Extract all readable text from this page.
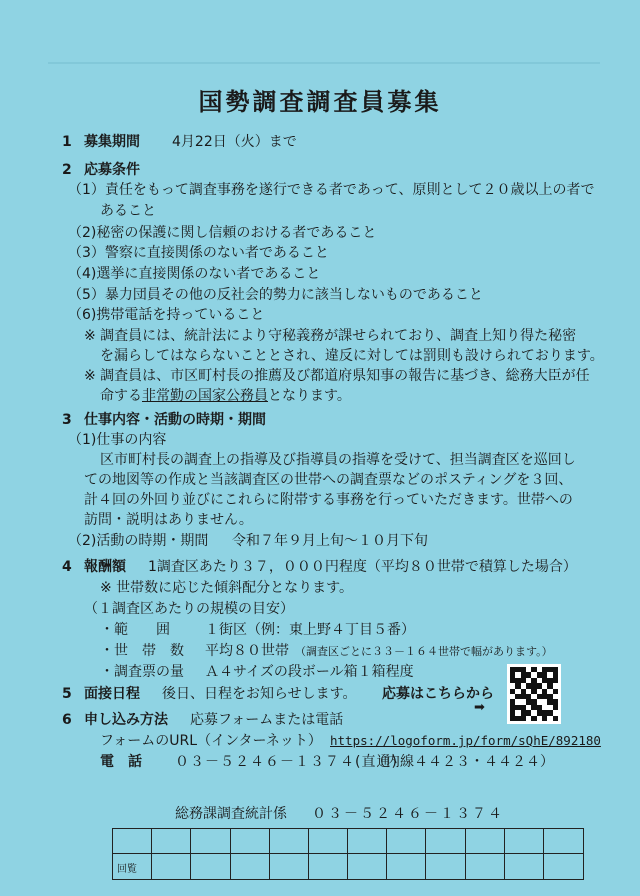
国勢調査調査員募集
1 募集期間 4月22日（火）まで
2 応募条件
（1）責任をもって調査事務を遂行できる者であって、原則として２０歳以上の者で
あること
（2)秘密の保護に関し信頼のおける者であること
（3）警察に直接関係のない者であること
（4)選挙に直接関係のない者であること
（5）暴力団員その他の反社会的勢力に該当しないものであること
（6)携帯電話を持っていること
※ 調査員には、統計法により守秘義務が課せられており、調査上知り得た秘密
を漏らしてはならないこととされ、違反に対しては罰則も設けられております。
※ 調査員は、市区町村長の推薦及び都道府県知事の報告に基づき、総務大臣が任
命する非常勤の国家公務員となります。
3 仕事内容・活動の時期・期間
（1)仕事の内容
区市町村長の調査上の指導及び指導員の指導を受けて、担当調査区を巡回し
ての地図等の作成と当該調査区の世帯への調査票などのポスティングを３回、
計４回の外回り並びにこれらに附帯する事務を行っていただきます。世帯への
訪問・説明はありません。
（2)活動の時期・期間 令和７年９月上旬～１０月下旬
4 報酬額 1調査区あたり３７，０００円程度（平均８０世帯で積算した場合）
※ 世帯数に応じた傾斜配分となります。
（１調査区あたりの規模の目安）
・範　　囲	１街区（例：東上野４丁目５番）
・世　帯　数 平均８０世帯 （調査区ごとに３３－１６４世帯で幅があります。）
・調査票の量 Ａ４サイズの段ボール箱１箱程度
5 面接日程 後日、日程をお知らせします。 応募はこちらから
➡
6 申し込み方法 応募フォームまたは電話
フォームのURL（インターネット） https://logoform.jp/form/sQhE/892180
電　話 ０３－５２４６－１３７４(直通)
（内線４４２３・４４２４）
総務課調査統計係 ０３－５２４６－１３７４
回覧
